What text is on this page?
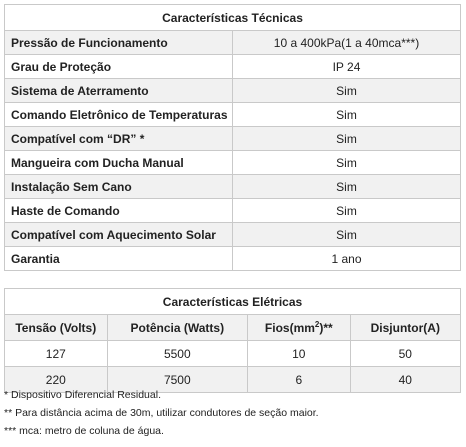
Características Técnicas	
Pressão de Funcionamento	10 a 400kPa(1 a 40mca***)
Grau de Proteção	IP 24
Sistema de Aterramento	Sim
Comando Eletrônico de Temperaturas	Sim
Compatível com “DR” *	Sim
Mangueira com Ducha Manual	Sim
Instalação Sem Cano	Sim
Haste de Comando	Sim
Compatível com Aquecimento Solar	Sim
Garantia	1 ano
Características Elétricas			
Tensão (Volts)	Potência (Watts)	$Fios(mm^2)**$	Disjuntor(A)
127	5500	10	50
220	7500	6	40
* Dispositivo Diferencial Residual.
** Para distância acima de 30m, utilizar condutores de seção maior.
*** mca: metro de coluna de água.
